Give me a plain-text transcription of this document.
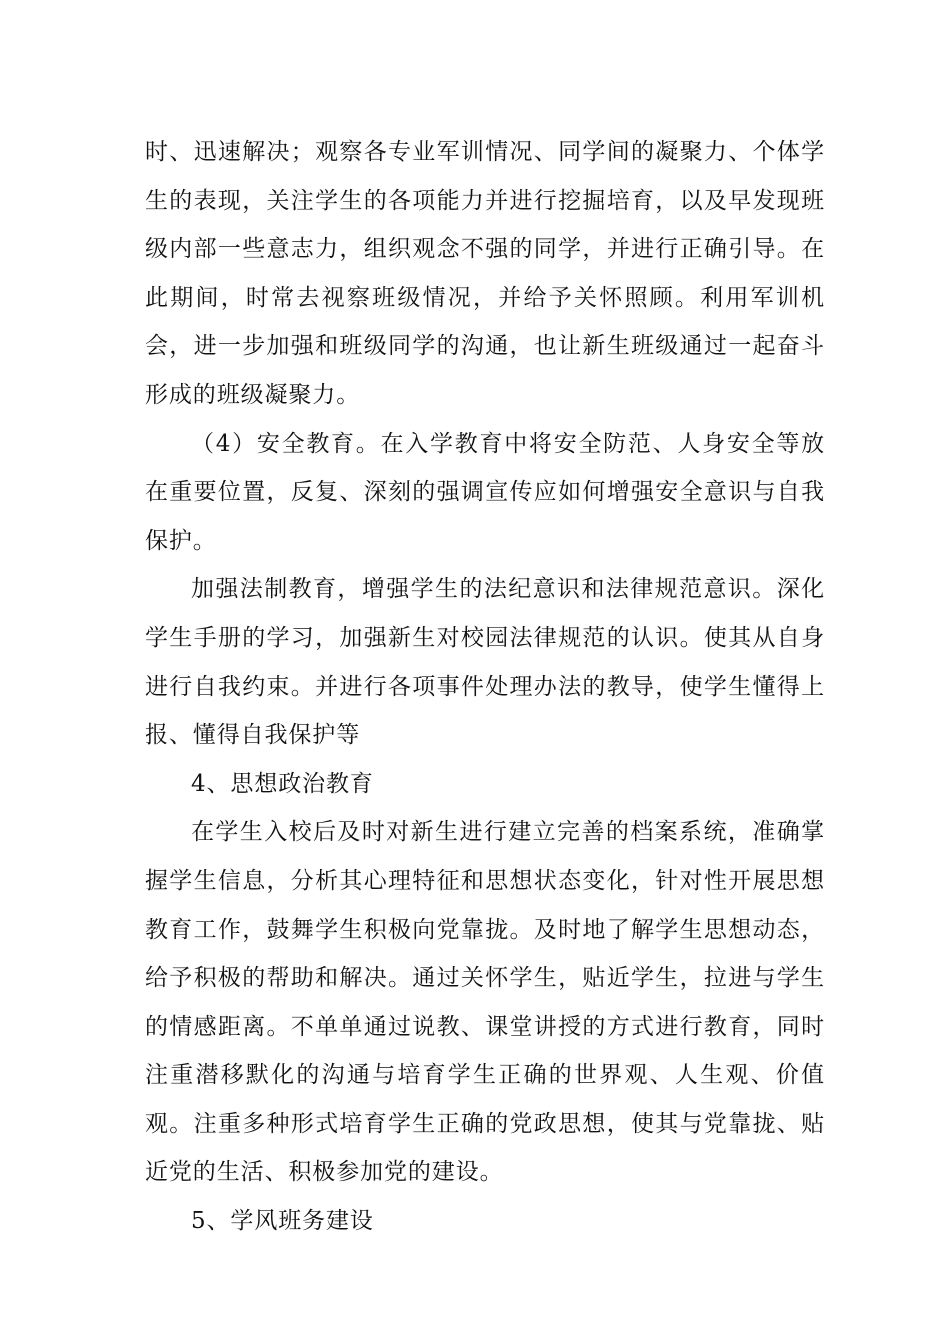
时、迅速解决；观察各专业军训情况、同学间的凝聚力、个体学生的表现，关注学生的各项能力并进行挖掘培育，以及早发现班级内部一些意志力，组织观念不强的同学，并进行正确引导。在此期间，时常去视察班级情况，并给予关怀照顾。利用军训机会，进一步加强和班级同学的沟通，也让新生班级通过一起奋斗形成的班级凝聚力。

（4）安全教育。在入学教育中将安全防范、人身安全等放在重要位置，反复、深刻的强调宣传应如何增强安全意识与自我保护。

加强法制教育，增强学生的法纪意识和法律规范意识。深化学生手册的学习，加强新生对校园法律规范的认识。使其从自身进行自我约束。并进行各项事件处理办法的教导，使学生懂得上报、懂得自我保护等

4、思想政治教育

在学生入校后及时对新生进行建立完善的档案系统，准确掌握学生信息，分析其心理特征和思想状态变化，针对性开展思想教育工作，鼓舞学生积极向党靠拢。及时地了解学生思想动态，给予积极的帮助和解决。通过关怀学生，贴近学生，拉进与学生的情感距离。不单单通过说教、课堂讲授的方式进行教育，同时注重潜移默化的沟通与培育学生正确的世界观、人生观、价值观。注重多种形式培育学生正确的党政思想，使其与党靠拢、贴近党的生活、积极参加党的建设。

5、学风班务建设
